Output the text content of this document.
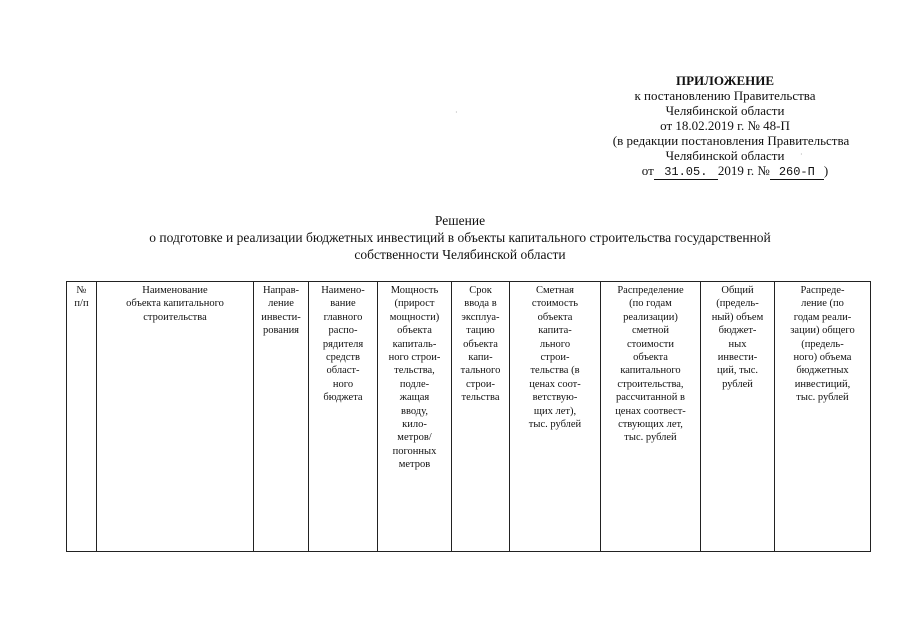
ПРИЛОЖЕНИЕ
к постановлению Правительства
Челябинской области
от 18.02.2019 г. № 48-П
(в редакции постановления Правительства
Челябинской области
от 31.05. 2019 г. № 260-П )
Решение
о подготовке и реализации бюджетных инвестиций в объекты капитального строительства государственной
собственности Челябинской области
№
п/п

Наименование
объекта капитального
строительства

Направ-
ление
инвести-
рования

Наимено-
вание
главного
распо-
рядителя
средств
област-
ного
бюджета

Мощность
(прирост
мощности)
объекта
капиталь-
ного строи-
тельства,
подле-
жащая
вводу,
кило-
метров/
погонных
метров

Срок
ввода в
эксплуа-
тацию
объекта
капи-
тального
строи-
тельства

Сметная
стоимость
объекта
капита-
льного
строи-
тельства (в
ценах соот-
ветствую-
щих лет),
тыс. рублей

Распределение
(по годам
реализации)
сметной
стоимости
объекта
капитального
строительства,
рассчитанной в
ценах соотвест-
ствующих лет,
тыс. рублей

Общий
(предель-
ный) объем
бюджет-
ных
инвести-
ций, тыс.
рублей

Распреде-
ление (по
годам реали-
зации) общего
(предель-
ного) объема
бюджетных
инвестиций,
тыс. рублей
·
·
